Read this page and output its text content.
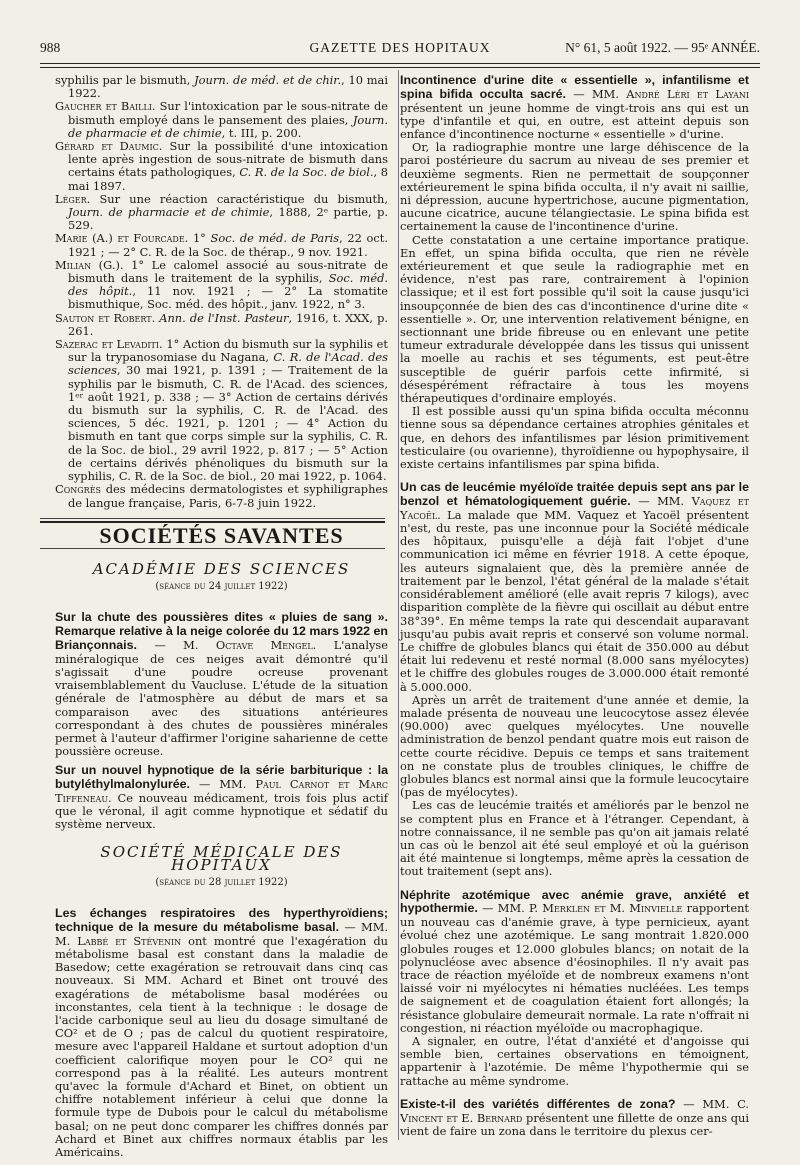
988	GAZETTE DES HOPITAUX	N° 61, 5 août 1922. — 95ᵉ ANNÉE.

syphilis par le bismuth, Journ. de méd. et de chir., 10 mai 1922.

Gaucher et Bailli. Sur l'intoxication par le sous-nitrate de bismuth employé dans le pansement des plaies, Journ. de pharmacie et de chimie, t. III, p. 200.

Gérard et Daumic. Sur la possibilité d'une intoxication lente après ingestion de sous-nitrate de bismuth dans certains états pathologiques, C. R. de la Soc. de biol., 8 mai 1897.

Léger. Sur une réaction caractéristique du bismuth, Journ. de pharmacie et de chimie, 1888, 2ᵉ partie, p. 529.

Marie (A.) et Fourcade. 1° Soc. de méd. de Paris, 22 oct. 1921 ; — 2° C. R. de la Soc. de thérap., 9 nov. 1921.

Milian (G.). 1° Le calomel associé au sous-nitrate de bismuth dans le traitement de la syphilis, Soc. méd. des hôpit., 11 nov. 1921 ; — 2° La stomatite bismuthique, Soc. méd. des hôpit., janv. 1922, n° 3.

Sauton et Robert. Ann. de l'Inst. Pasteur, 1916, t. XXX, p. 261.

Sazerac et Levaditi. 1° Action du bismuth sur la syphilis et sur la trypanosomiase du Nagana, C. R. de l'Acad. des sciences, 30 mai 1921, p. 1391 ; — Traitement de la syphilis par le bismuth, C. R. de l'Acad. des sciences, 1ᵉʳ août 1921, p. 338 ; — 3° Action de certains dérivés du bismuth sur la syphilis, C. R. de l'Acad. des sciences, 5 déc. 1921, p. 1201 ; — 4° Action du bismuth en tant que corps simple sur la syphilis, C. R. de la Soc. de biol., 29 avril 1922, p. 817 ; — 5° Action de certains dérivés phénoliques du bismuth sur la syphilis, C. R. de la Soc. de biol., 20 mai 1922, p. 1064.

Congrès des médecins dermatologistes et syphiligraphes de langue française, Paris, 6-7-8 juin 1922.

SOCIÉTÉS SAVANTES
ACADÉMIE DES SCIENCES
(séance du 24 juillet 1922)

Sur la chute des poussières dites « pluies de sang ». Remarque relative à la neige colorée du 12 mars 1922 en Briançonnais. — M. Octave Mengel. L'analyse minéralogique de ces neiges avait démontré qu'il s'agissait d'une poudre ocreuse provenant vraisemblablement du Vaucluse. L'étude de la situation générale de l'atmosphère au début de mars et sa comparaison avec des situations antérieures correspondant à des chutes de poussières minérales permet à l'auteur d'affirmer l'origine saharienne de cette poussière ocreuse.

Sur un nouvel hypnotique de la série barbiturique : la butyléthylmalonylurée. — MM. Paul Carnot et Marc Tiffeneau. Ce nouveau médicament, trois fois plus actif que le véronal, il agit comme hypnotique et sédatif du système nerveux.

SOCIÉTÉ MÉDICALE DES HOPITAUX
(séance du 28 juillet 1922)

Les échanges respiratoires des hyperthyroïdiens; technique de la mesure du métabolisme basal. — MM. M. Labbé et Stévenin ont montré que l'exagération du métabolisme basal est constant dans la maladie de Basedow; cette exagération se retrouvait dans cinq cas nouveaux. Si MM. Achard et Binet ont trouvé des exagérations de métabolisme basal modérées ou inconstantes, cela tient à la technique : le dosage de l'acide carbonique seul au lieu du dosage simultané de CO² et de O ; pas de calcul du quotient respiratoire, mesure avec l'appareil Haldane et surtout adoption d'un coefficient calorifique moyen pour le CO² qui ne correspond pas à la réalité. Les auteurs montrent qu'avec la formule d'Achard et Binet, on obtient un chiffre notablement inférieur à celui que donne la formule type de Dubois pour le calcul du métabolisme basal; on ne peut donc comparer les chiffres donnés par Achard et Binet aux chiffres normaux établis par les Américains.

Incontinence d'urine dite « essentielle », infantilisme et spina bifida occulta sacré. — MM. André Léri et Layani présentent un jeune homme de vingt-trois ans qui est un type d'infantile et qui, en outre, est atteint depuis son enfance d'incontinence nocturne « essentielle » d'urine.

Or, la radiographie montre une large déhiscence de la paroi postérieure du sacrum au niveau de ses premier et deuxième segments. Rien ne permettait de soupçonner extérieurement le spina bifida occulta, il n'y avait ni saillie, ni dépression, aucune hypertrichose, aucune pigmentation, aucune cicatrice, aucune télangiectasie. Le spina bifida est certainement la cause de l'incontinence d'urine.

Cette constatation a une certaine importance pratique. En effet, un spina bifida occulta, que rien ne révèle extérieurement et que seule la radiographie met en évidence, n'est pas rare, contrairement à l'opinion classique; et il est fort possible qu'il soit la cause jusqu'ici insoupçonnée de bien des cas d'incontinence d'urine dite « essentielle ». Or, une intervention relativement bénigne, en sectionnant une bride fibreuse ou en enlevant une petite tumeur extradurale développée dans les tissus qui unissent la moelle au rachis et ses téguments, est peut-être susceptible de guérir parfois cette infirmité, si désespérément réfractaire à tous les moyens thérapeutiques d'ordinaire employés.

Il est possible aussi qu'un spina bifida occulta méconnu tienne sous sa dépendance certaines atrophies génitales et que, en dehors des infantilismes par lésion primitivement testiculaire (ou ovarienne), thyroïdienne ou hypophysaire, il existe certains infantilismes par spina bifida.

Un cas de leucémie myéloïde traitée depuis sept ans par le benzol et hématologiquement guérie. — MM. Vaquez et Yacoël. La malade que MM. Vaquez et Yacoël présentent n'est, du reste, pas une inconnue pour la Société médicale des hôpitaux, puisqu'elle a déjà fait l'objet d'une communication ici même en février 1918. A cette époque, les auteurs signalaient que, dès la première année de traitement par le benzol, l'état général de la malade s'était considérablement amélioré (elle avait repris 7 kilogs), avec disparition complète de la fièvre qui oscillait au début entre 38°39°. En même temps la rate qui descendait auparavant jusqu'au pubis avait repris et conservé son volume normal. Le chiffre de globules blancs qui était de 350.000 au début était lui redevenu et resté normal (8.000 sans myélocytes) et le chiffre des globules rouges de 3.000.000 était remonté à 5.000.000.

Après un arrêt de traitement d'une année et demie, la malade présenta de nouveau une leucocytose assez élevée (90.000) avec quelques myélocytes. Une nouvelle administration de benzol pendant quatre mois eut raison de cette courte récidive. Depuis ce temps et sans traitement on ne constate plus de troubles cliniques, le chiffre de globules blancs est normal ainsi que la formule leucocytaire (pas de myélocytes).

Les cas de leucémie traités et améliorés par le benzol ne se comptent plus en France et à l'étranger. Cependant, à notre connaissance, il ne semble pas qu'on ait jamais relaté un cas où le benzol ait été seul employé et où la guérison ait été maintenue si longtemps, même après la cessation de tout traitement (sept ans).

Néphrite azotémique avec anémie grave, anxiété et hypothermie. — MM. P. Merklen et M. Minvielle rapportent un nouveau cas d'anémie grave, à type pernicieux, ayant évolué chez une azotémique. Le sang montrait 1.820.000 globules rouges et 12.000 globules blancs; on notait de la polynucléose avec absence d'éosinophiles. Il n'y avait pas trace de réaction myéloïde et de nombreux examens n'ont laissé voir ni myélocytes ni hématies nucléées. Les temps de saignement et de coagulation étaient fort allongés; la résistance globulaire demeurait normale. La rate n'offrait ni congestion, ni réaction myéloïde ou macrophagique.

A signaler, en outre, l'état d'anxiété et d'angoisse qui semble bien, certaines observations en témoignent, appartenir à l'azotémie. De même l'hypothermie qui se rattache au même syndrome.

Existe-t-il des variétés différentes de zona? — MM. C. Vincent et E. Bernard présentent une fillette de onze ans qui vient de faire un zona dans le territoire du plexus cer-
